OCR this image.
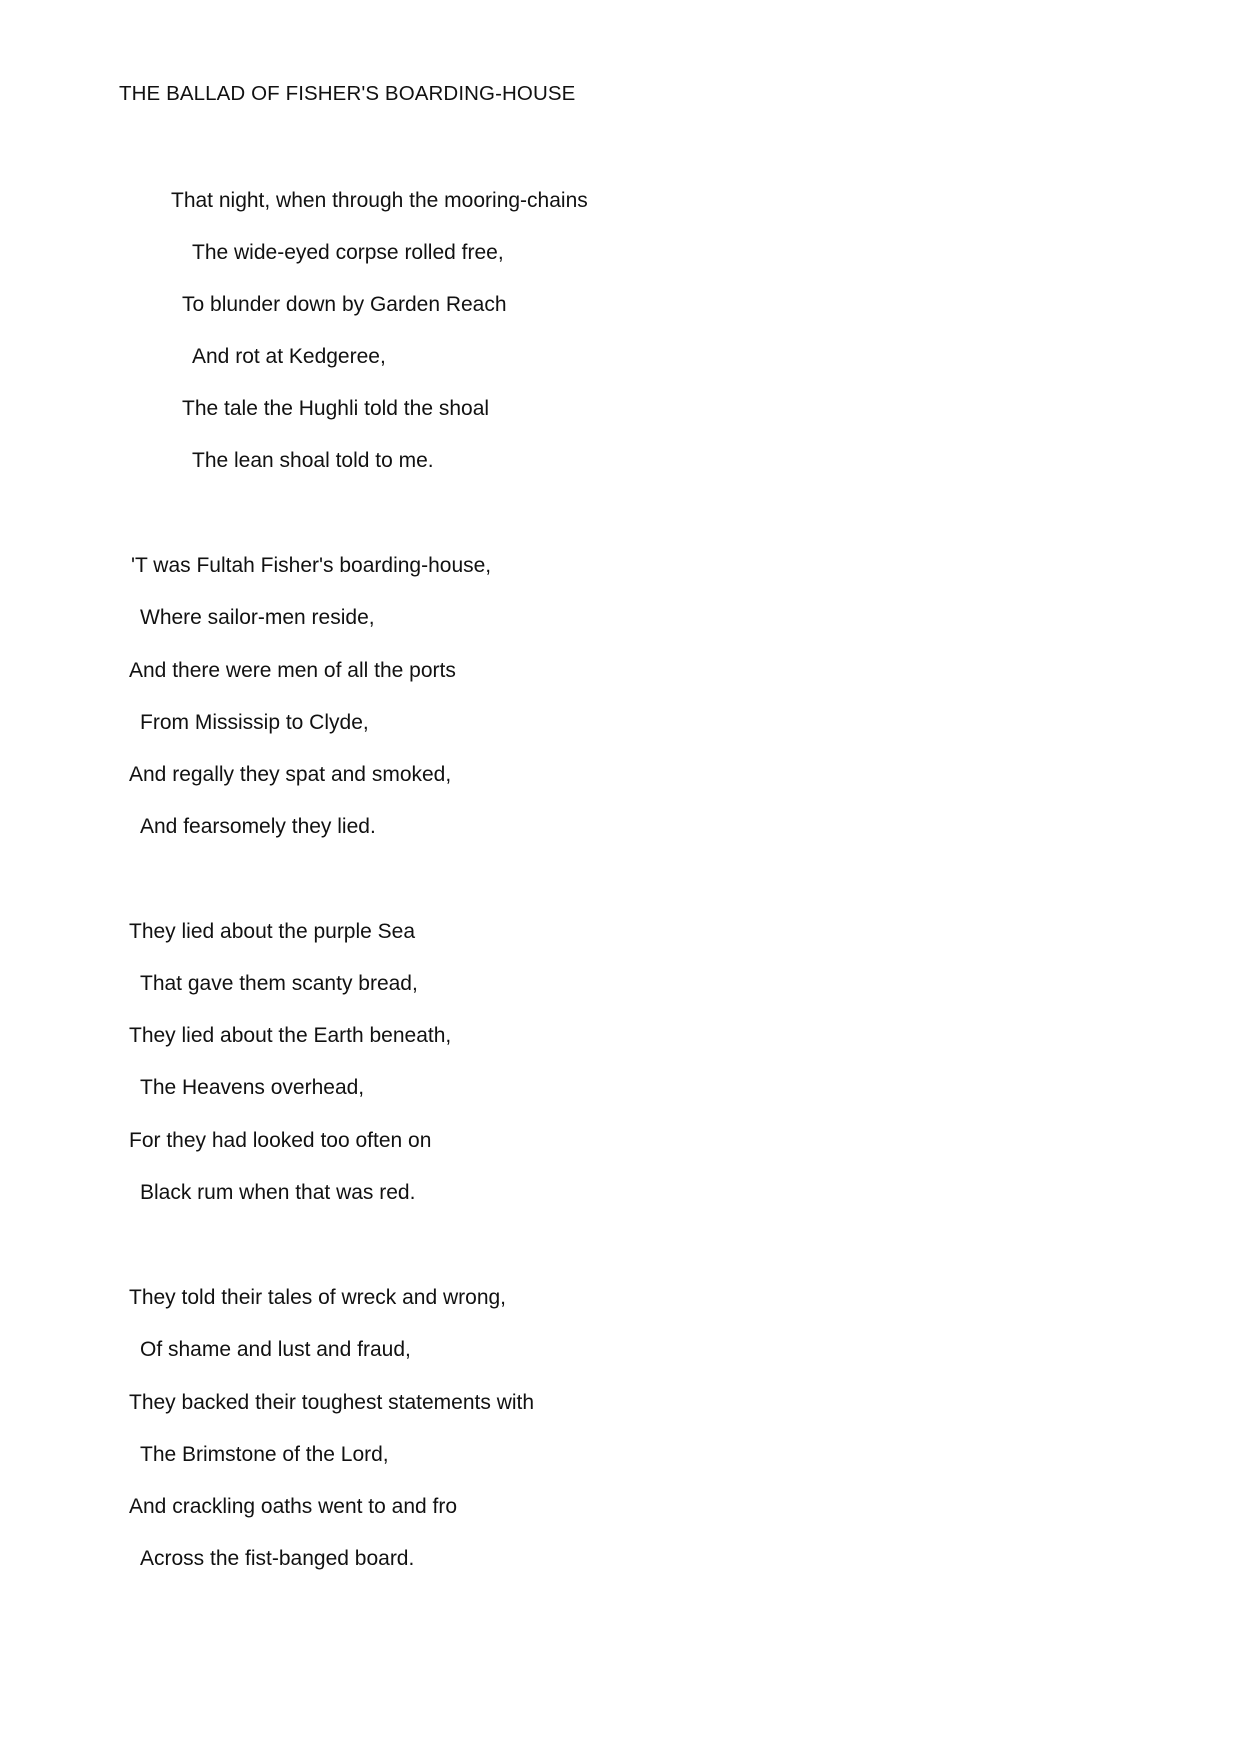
THE BALLAD OF FISHER'S BOARDING-HOUSE
That night, when through the mooring-chains
The wide-eyed corpse rolled free,
To blunder down by Garden Reach
And rot at Kedgeree,
The tale the Hughli told the shoal
The lean shoal told to me.
'T was Fultah Fisher's boarding-house,
Where sailor-men reside,
And there were men of all the ports
From Mississip to Clyde,
And regally they spat and smoked,
And fearsomely they lied.
They lied about the purple Sea
That gave them scanty bread,
They lied about the Earth beneath,
The Heavens overhead,
For they had looked too often on
Black rum when that was red.
They told their tales of wreck and wrong,
Of shame and lust and fraud,
They backed their toughest statements with
The Brimstone of the Lord,
And crackling oaths went to and fro
Across the fist-banged board.
